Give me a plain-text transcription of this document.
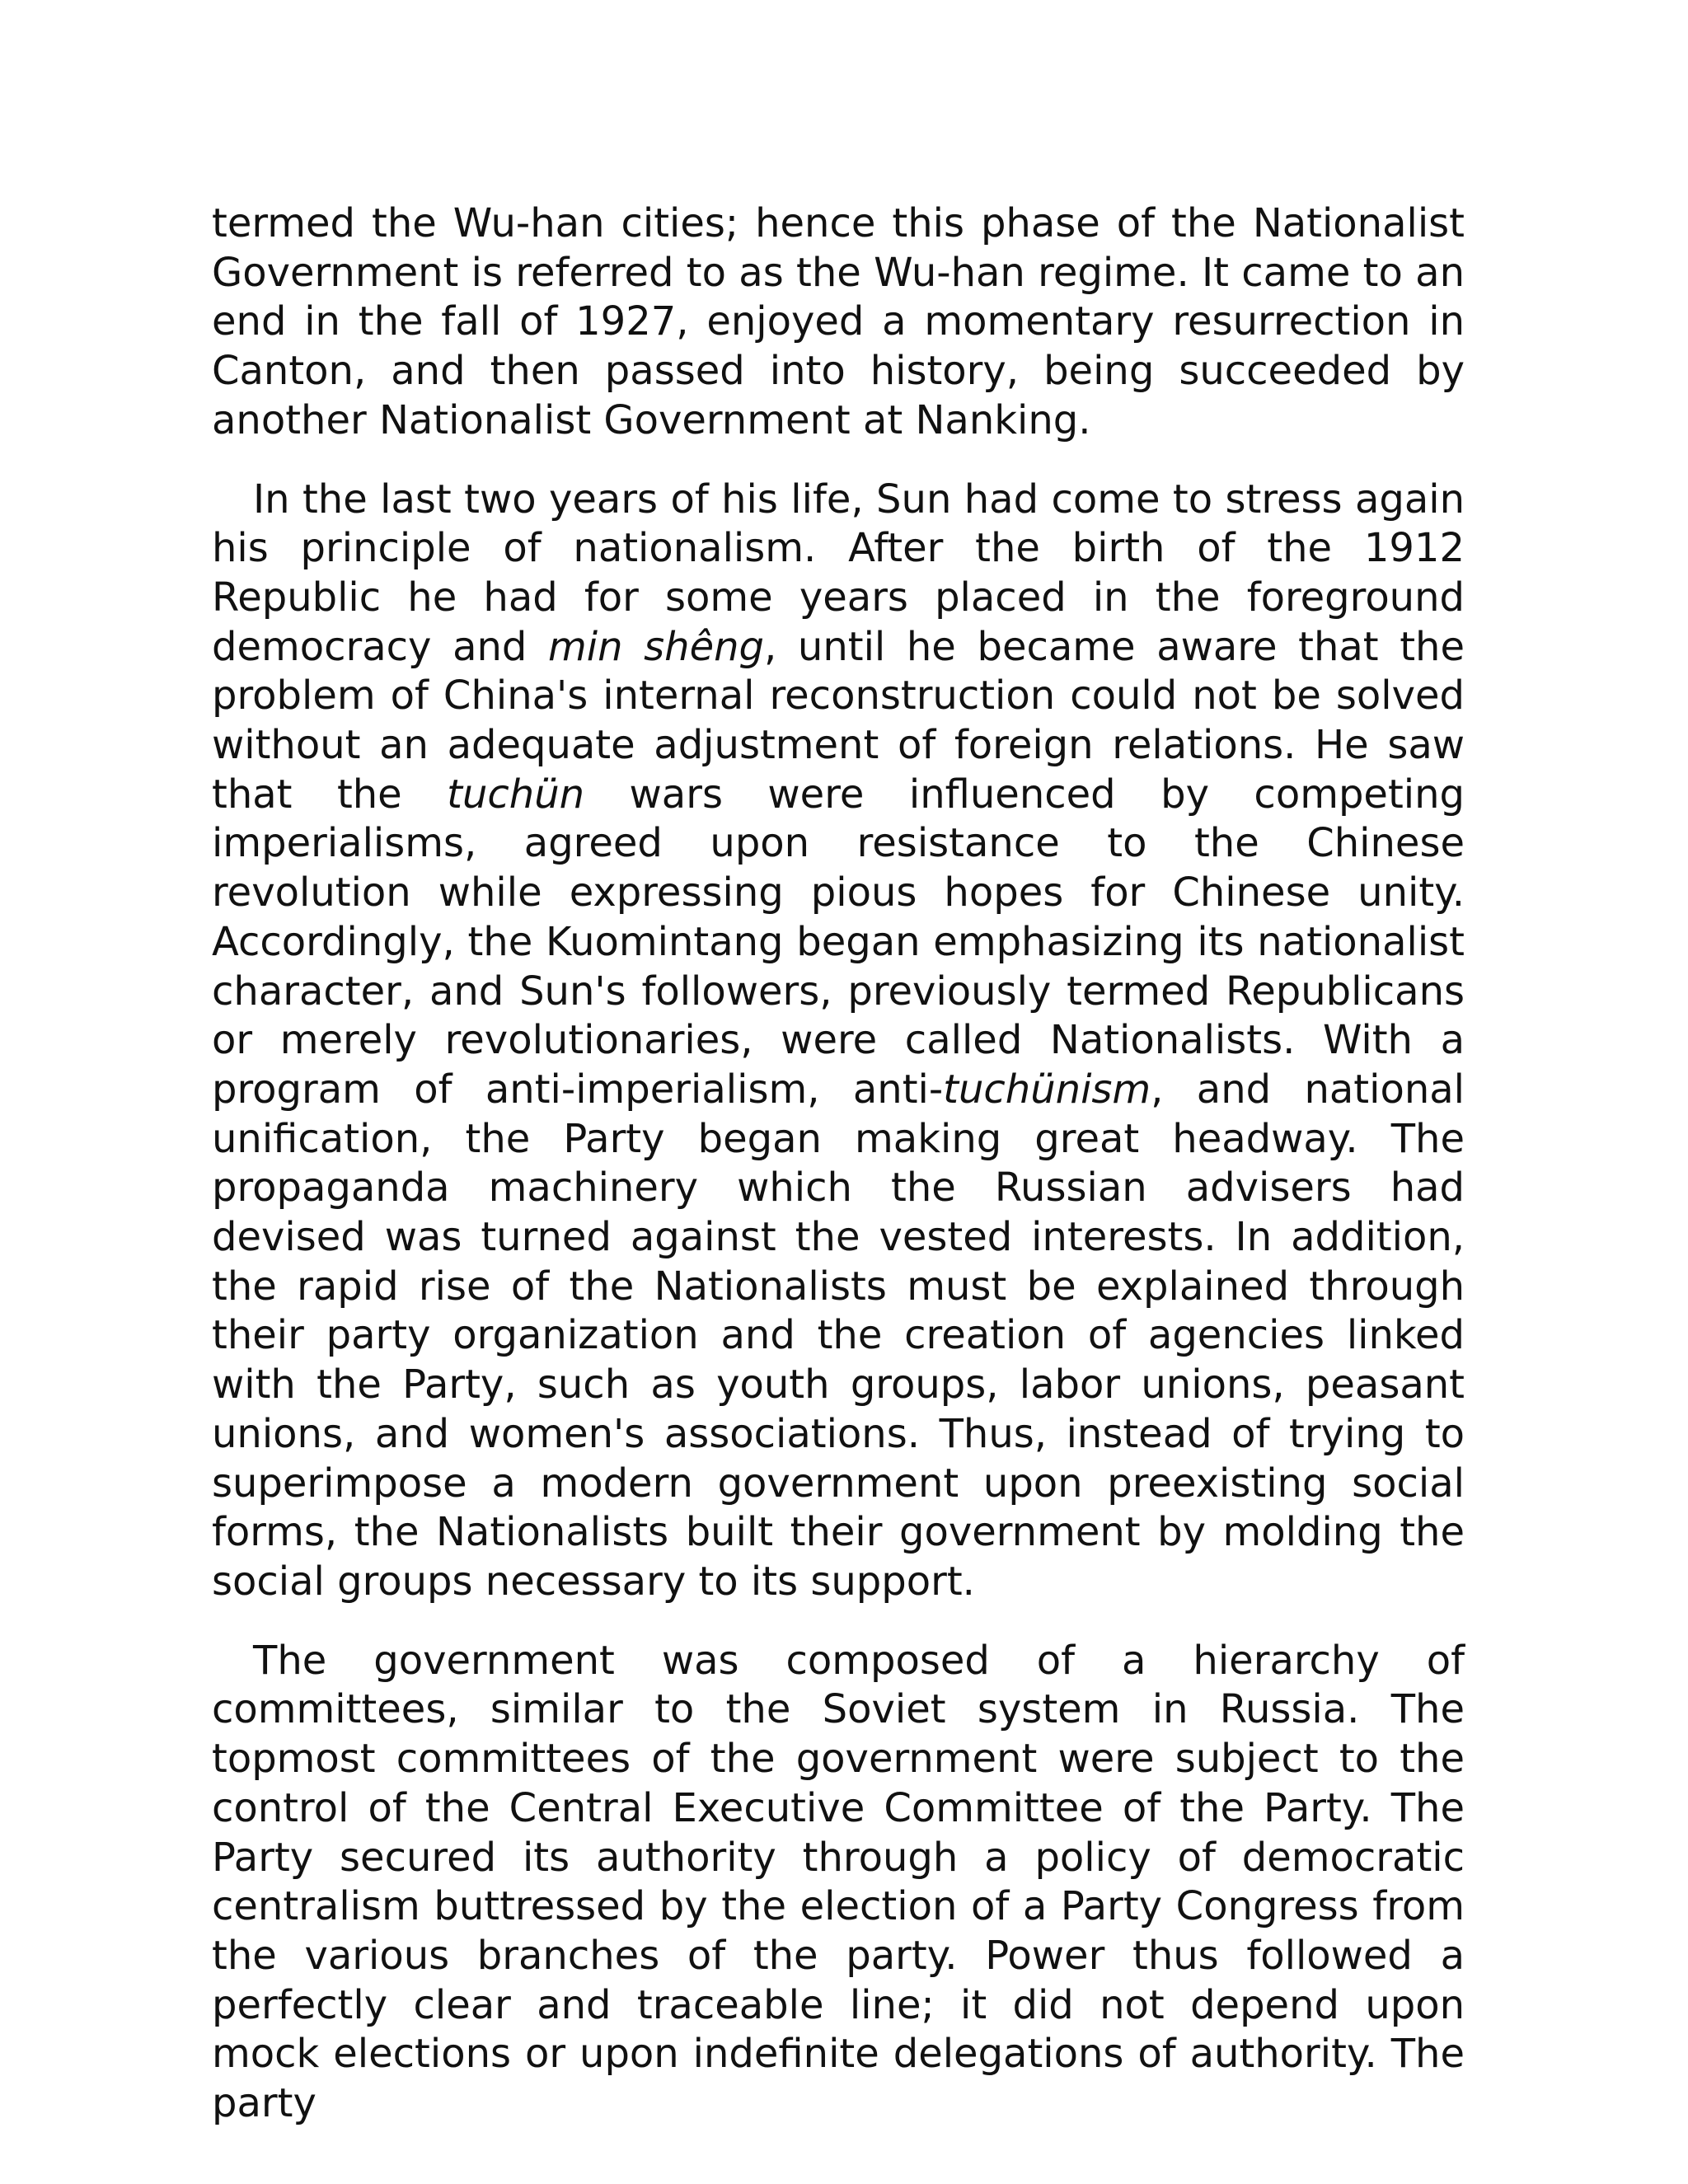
termed the Wu-han cities; hence this phase of the Nationalist Government is referred to as the Wu-han regime. It came to an end in the fall of 1927, enjoyed a momentary resurrection in Canton, and then passed into history, being succeeded by another Nationalist Government at Nanking.

In the last two years of his life, Sun had come to stress again his principle of nationalism. After the birth of the 1912 Republic he had for some years placed in the foreground democracy and min shêng, until he became aware that the problem of China's internal reconstruction could not be solved without an adequate adjustment of foreign relations. He saw that the tuchün wars were influenced by competing imperialisms, agreed upon resistance to the Chinese revolution while expressing pious hopes for Chinese unity. Accordingly, the Kuomintang began emphasizing its nationalist character, and Sun's followers, previously termed Republicans or merely revolutionaries, were called Nationalists. With a program of anti-imperialism, anti-tuchünism, and national unification, the Party began making great headway. The propaganda machinery which the Russian advisers had devised was turned against the vested interests. In addition, the rapid rise of the Nationalists must be explained through their party organization and the creation of agencies linked with the Party, such as youth groups, labor unions, peasant unions, and women's associations. Thus, instead of trying to superimpose a modern government upon preexisting social forms, the Nationalists built their government by molding the social groups necessary to its support.

The government was composed of a hierarchy of committees, similar to the Soviet system in Russia. The topmost committees of the government were subject to the control of the Central Executive Committee of the Party. The Party secured its authority through a policy of democratic centralism buttressed by the election of a Party Congress from the various branches of the party. Power thus followed a perfectly clear and traceable line; it did not depend upon mock elections or upon indefinite delegations of authority. The party
